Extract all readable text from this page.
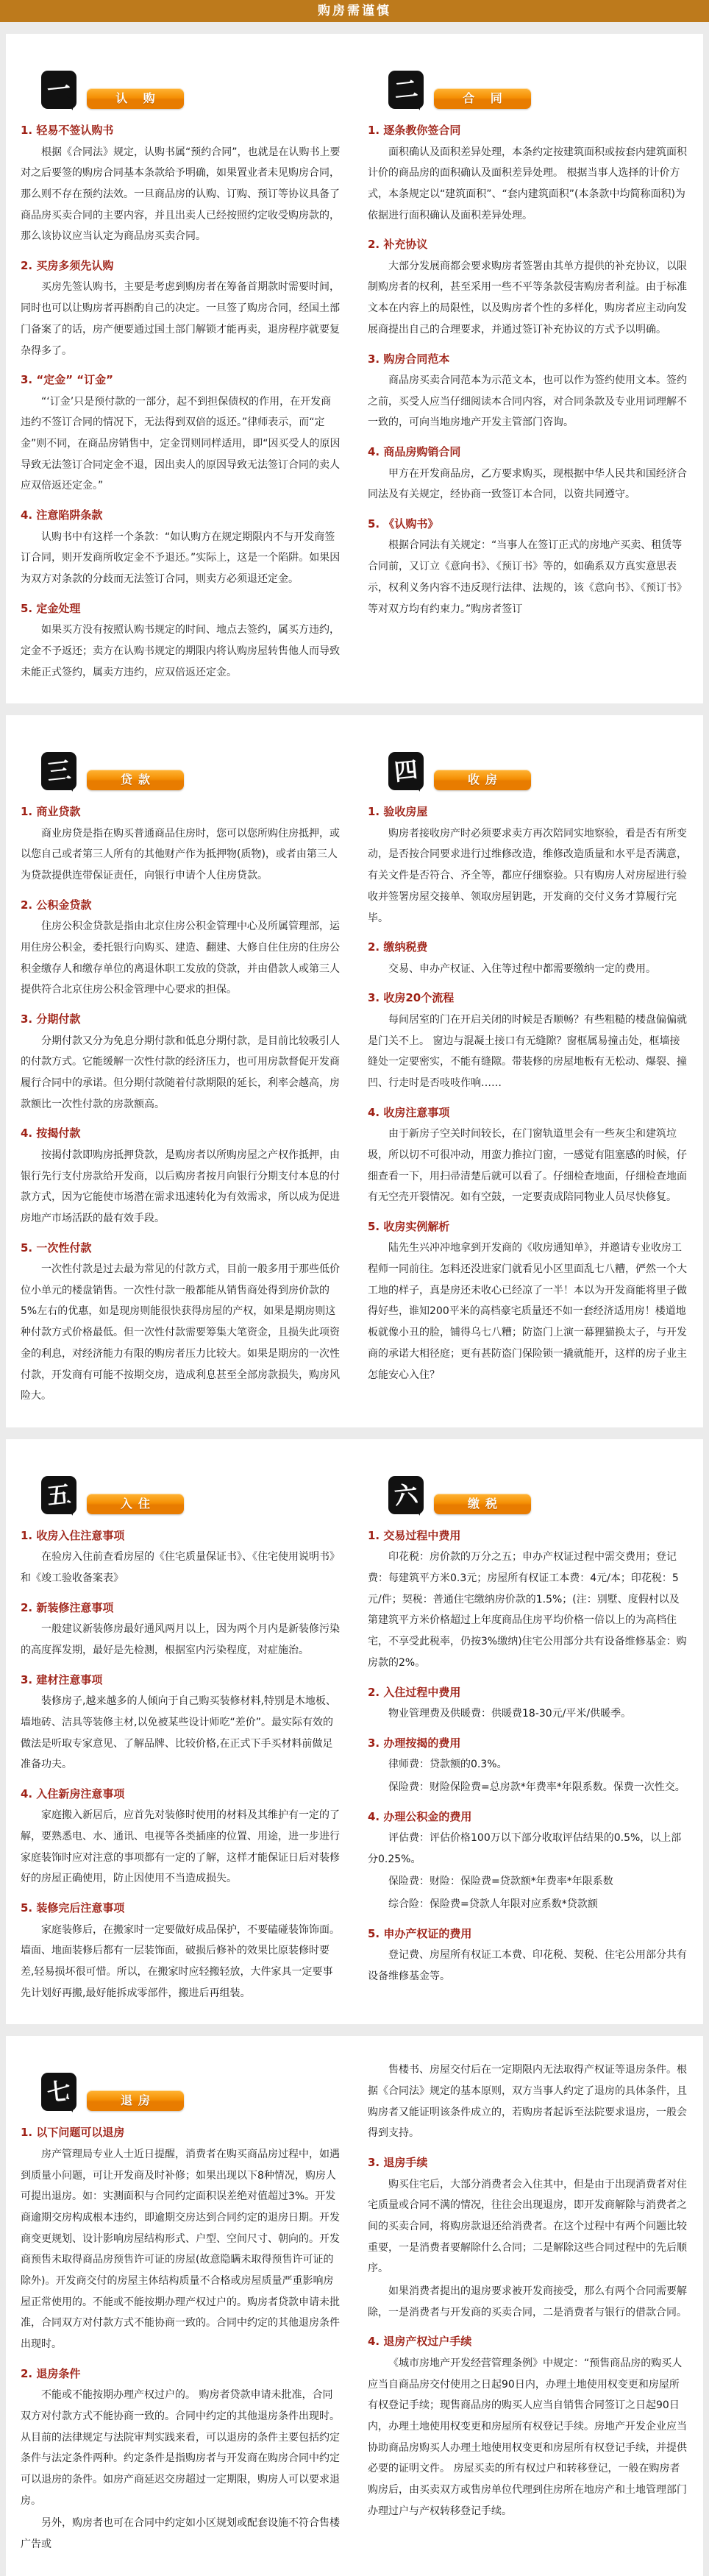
购房需谨慎
一	认 购
1. 轻易不签认购书

根据《合同法》规定，认购书属“预约合同”，也就是在认购书上要对之后要签的购房合同基本条款给予明确，如果置业者未见购房合同，那么则不存在预约法效。一旦商品房的认购、订购、预订等协议具备了商品房买卖合同的主要内容，并且出卖人已经按照约定收受购房款的，那么该协议应当认定为商品房买卖合同。

2. 买房多须先认购

买房先签认购书，主要是考虑到购房者在筹备首期款时需要时间，同时也可以让购房者再斟酌自己的决定。一旦签了购房合同，经国土部门备案了的话，房产便要通过国土部门解锁才能再卖，退房程序就要复杂得多了。

3. “定金” “订金”

“‘订金’只是预付款的一部分，起不到担保债权的作用，在开发商违约不签订合同的情况下，无法得到双倍的返还。”律师表示，而“定金”则不同，在商品房销售中，定金罚则同样适用，即“因买受人的原因导致无法签订合同定金不退，因出卖人的原因导致无法签订合同的卖人应双倍返还定金。”

4. 注意陷阱条款

认购书中有这样一个条款：“如认购方在规定期限内不与开发商签订合同，则开发商所收定金不予退还。”实际上，这是一个陷阱。如果因为双方对条款的分歧而无法签订合同，则卖方必须退还定金。

5. 定金处理

如果买方没有按照认购书规定的时间、地点去签约，属买方违约，定金不予返还；卖方在认购书规定的期限内将认购房屋转售他人而导致未能正式签约，属卖方违约，应双倍返还定金。

二	合 同
1. 逐条教你签合同

面积确认及面积差异处理，本条约定按建筑面积或按套内建筑面积计价的商品房的面积确认及面积差异处理。 根据当事人选择的计价方式，本条规定以“建筑面积”、“套内建筑面积”(本条款中均简称面积)为依据进行面积确认及面积差异处理。

2. 补充协议

大部分发展商都会要求购房者签署由其单方提供的补充协议，以限制购房者的权利，甚至采用一些不平等条款侵害购房者利益。由于标准文本在内容上的局限性，以及购房者个性的多样化，购房者应主动向发展商提出自己的合理要求，并通过签订补充协议的方式予以明确。

3. 购房合同范本

商品房买卖合同范本为示范文本，也可以作为签约使用文本。签约之前，买受人应当仔细阅读本合同内容，对合同条款及专业用词理解不一致的，可向当地房地产开发主管部门咨询。

4. 商品房购销合同

甲方在开发商品房，乙方要求购买，现根据中华人民共和国经济合同法及有关规定，经协商一致签订本合同，以资共同遵守。

5. 《认购书》

根据合同法有关规定：“当事人在签订正式的房地产买卖、租赁等合同前，又订立《意向书》、《预订书》等的，如确系双方真实意思表示，权利义务内容不违反现行法律、法规的，该《意向书》、《预订书》等对双方均有约束力。”购房者签订

三	贷款
1. 商业贷款

商业房贷是指在购买普通商品住房时，您可以您所购住房抵押，或以您自己或者第三人所有的其他财产作为抵押物(质物)，或者由第三人为贷款提供连带保证责任，向银行申请个人住房贷款。

2. 公积金贷款

住房公积金贷款是指由北京住房公积金管理中心及所属管理部，运用住房公积金，委托银行向购买、建造、翻建、大修自住住房的住房公积金缴存人和缴存单位的离退休职工发放的贷款，并由借款人或第三人提供符合北京住房公积金管理中心要求的担保。

3. 分期付款

分期付款又分为免息分期付款和低息分期付款，是目前比较吸引人的付款方式。它能缓解一次性付款的经济压力，也可用房款督促开发商履行合同中的承诺。但分期付款随着付款期限的延长，利率会越高，房款额比一次性付款的房款额高。

4. 按揭付款

按揭付款即购房抵押贷款，是购房者以所购房屋之产权作抵押，由银行先行支付房款给开发商，以后购房者按月向银行分期支付本息的付款方式，因为它能使市场潜在需求迅速转化为有效需求，所以成为促进房地产市场活跃的最有效手段。

5. 一次性付款

一次性付款是过去最为常见的付款方式，目前一般多用于那些低价位小单元的楼盘销售。一次性付款一般都能从销售商处得到房价款的5%左右的优惠，如是现房则能很快获得房屋的产权，如果是期房则这种付款方式价格最低。但一次性付款需要筹集大笔资金，且损失此项资金的利息，对经济能力有限的购房者压力比较大。如果是期房的一次性付款，开发商有可能不按期交房，造成利息甚至全部房款损失，购房风险大。

四	收房
1. 验收房屋

购房者接收房产时必须要求卖方再次陪同实地察验，看是否有所变动，是否按合同要求进行过维修改造，维修改造质量和水平是否满意，有关文件是否符合、齐全等，都应仔细察验。只有购房人对房屋进行验收并签署房屋交接单、领取房屋钥匙，开发商的交付义务才算履行完毕。

2. 缴纳税费

交易、申办产权证、入住等过程中都需要缴纳一定的费用。

3. 收房20个流程

每间居室的门在开启关闭的时候是否顺畅？有些粗糙的楼盘偏偏就是门关不上。 窗边与混凝土接口有无缝隙？窗框属易撞击处，框墙接缝处一定要密实，不能有缝隙。带装修的房屋地板有无松动、爆裂、撞凹、行走时是否吱吱作响……

4. 收房注意事项

由于新房子空关时间较长，在门窗轨道里会有一些灰尘和建筑垃圾，所以切不可很冲动，用蛮力推拉门窗，一感觉有阻塞感的时候，仔细查看一下，用扫帚清楚后就可以看了。仔细检查地面，仔细检查地面有无空壳开裂情况。如有空鼓，一定要责成陪同物业人员尽快修复。

5. 收房实例解析

陆先生兴冲冲地拿到开发商的《收房通知单》，并邀请专业收房工程师一同前往。怎料还没进家门就看见小区里面乱七八糟，俨然一个大工地的样子，真是房还未收心已经凉了一半！本以为开发商能将里子做得好些，谁知200平米的高档豪宅质量还不如一套经济适用房！楼道地板就像小丑的脸，铺得乌七八糟；防盗门上演一幕狸猫换太子，与开发商的承诺大相径庭；更有甚防盗门保险锁一撬就能开，这样的房子业主怎能安心入住？

五	入住
1. 收房入住注意事项

在验房入住前查看房屋的《住宅质量保证书》、《住宅使用说明书》和《竣工验收备案表》

2. 新装修注意事项

一般建议新装修房最好通风两月以上，因为两个月内是新装修污染的高度挥发期，最好是先检测，根据室内污染程度，对症施治。

3. 建材注意事项

装修房子,越来越多的人倾向于自己购买装修材料,特别是木地板、墙地砖、洁具等装修主材,以免被某些设计师吃“差价”。最实际有效的做法是听取专家意见、了解品牌、比较价格,在正式下手买材料前做足准备功夫。

4. 入住新房注意事项

家庭搬入新居后，应首先对装修时使用的材料及其维护有一定的了解，要熟悉电、水、通讯、电视等各类插座的位置、用途，进一步进行家庭装饰时应对注意的事项都有一定的了解，这样才能保证日后对装修好的房屋正确使用，防止因使用不当造成损失。

5. 装修完后注意事项

家庭装修后，在搬家时一定要做好成品保护，不要磕碰装饰饰面。墙面、地面装修后都有一层装饰面，破损后修补的效果比原装修时要差,轻易损坏很可惜。所以，在搬家时应轻搬轻放，大件家具一定要事先计划好再搬,最好能拆成零部件，搬进后再组装。

六	缴税
1. 交易过程中费用

印花税：房价款的万分之五；申办产权证过程中需交费用；登记费：每建筑平方米0.3元；房屋所有权证工本费：4元/本；印花税：5元/件；契税：普通住宅缴纳房价款的1.5%；(注：别墅、度假村以及第建筑平方米价格超过上年度商品住房平均价格一倍以上的为高档住宅，不享受此税率，仍按3%缴纳)住宅公用部分共有设备维修基金：购房款的2%。

2. 入住过程中费用

物业管理费及供暖费：供暖费18-30元/平米/供暖季。

3. 办理按揭的费用

律师费：贷款额的0.3%。

保险费：财险保险费=总房款*年费率*年限系数。保费一次性交。

4. 办理公积金的费用

评估费：评估价格100万以下部分收取评估结果的0.5%，以上部分0.25%。

保险费：财险：保险费=贷款额*年费率*年限系数

综合险：保险费=贷款人年限对应系数*贷款额

5. 申办产权证的费用

登记费、房屋所有权证工本费、印花税、契税、住宅公用部分共有设备维修基金等。

七	退房
1. 以下问题可以退房

房产管理局专业人士近日提醒，消费者在购买商品房过程中，如遇到质量小问题，可让开发商及时补修；如果出现以下8种情况，购房人可提出退房。如：实测面积与合同约定面积误差绝对值超过3%。开发商逾期交房构成根本违约，即逾期交房达到合同约定的退房日期。开发商变更规划、设计影响房屋结构形式、户型、空间尺寸、朝向的。开发商预售未取得商品房预售许可证的房屋(故意隐瞒未取得预售许可证的除外)。开发商交付的房屋主体结构质量不合格或房屋质量严重影响房屋正常使用的。不能或不能按期办理产权过户的。购房者贷款申请未批准，合同双方对付款方式不能协商一致的。合同中约定的其他退房条件出现时。

2. 退房条件

不能或不能按期办理产权过户的。 购房者贷款申请未批准，合同双方对付款方式不能协商一致的。合同中约定的其他退房条件出现时。从目前的法律规定与法院审判实践来看，可以退房的条件主要包括约定条件与法定条件两种。约定条件是指购房者与开发商在购房合同中约定可以退房的条件。如房产商延迟交房超过一定期限，购房人可以要求退房。

另外，购房者也可在合同中约定如小区规划或配套设施不符合售楼广告或

售楼书、房屋交付后在一定期限内无法取得产权证等退房条件。根据《合同法》规定的基本原则，双方当事人约定了退房的具体条件，且购房者又能证明该条件成立的，若购房者起诉至法院要求退房，一般会得到支持。

3. 退房手续

购买住宅后，大部分消费者会入住其中，但是由于出现消费者对住宅质量或合同不满的情况，往往会出现退房，即开发商解除与消费者之间的买卖合同，将购房款退还给消费者。在这个过程中有两个问题比较重要，一是消费者要解除什么合同；二是解除这些合同过程中的先后顺序。

如果消费者提出的退房要求被开发商接受，那么有两个合同需要解除，一是消费者与开发商的买卖合同，二是消费者与银行的借款合同。

4. 退房产权过户手续

《城市房地产开发经营管理条例》中规定：“预售商品房的购买人应当自商品房交付使用之日起90日内，办理土地使用权变更和房屋所有权登记手续；现售商品房的购买人应当自销售合同签订之日起90日内，办理土地使用权变更和房屋所有权登记手续。房地产开发企业应当协助商品房购买人办理土地使用权变更和房屋所有权登记手续，并提供必要的证明文件。 房屋买卖的所有权过户和转移登记，一般在购房者购房后，由买卖双方或售房单位代理到住房所在地房产和土地管理部门办理过户与产权转移登记手续。
